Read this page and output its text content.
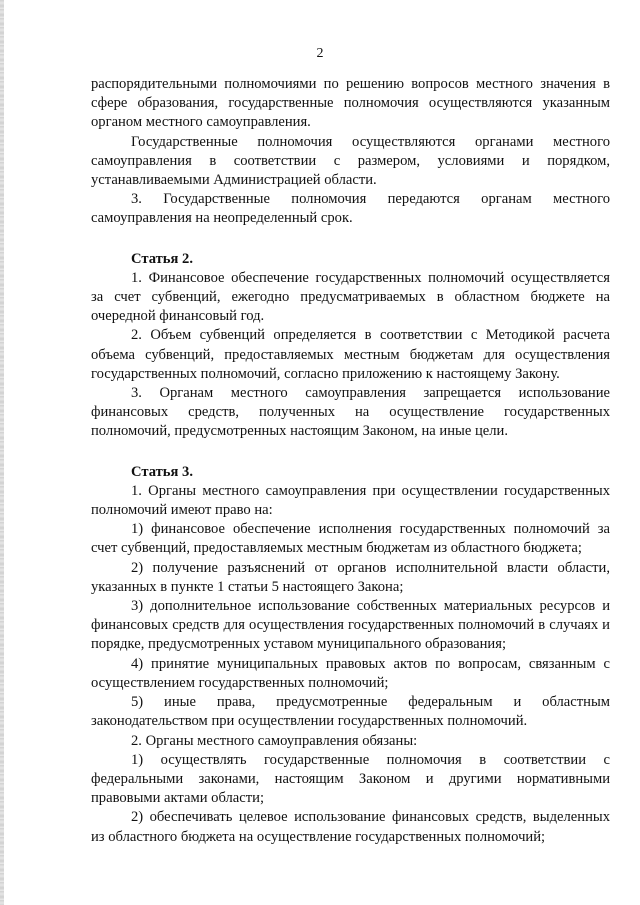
2

распорядительными полномочиями по решению вопросов местного значения в сфере образования, государственные полномочия осуществляются указанным органом местного самоуправления.

Государственные полномочия осуществляются органами местного самоуправления в соответствии с размером, условиями и порядком, устанавливаемыми Администрацией области.

3. Государственные полномочия передаются органам местного самоуправления на неопределенный срок.

Статья 2.

1. Финансовое обеспечение государственных полномочий осуществляется за счет субвенций, ежегодно предусматриваемых в областном бюджете на очередной финансовый год.

2. Объем субвенций определяется в соответствии с Методикой расчета объема субвенций, предоставляемых местным бюджетам для осуществления государственных полномочий, согласно приложению к настоящему Закону.

3. Органам местного самоуправления запрещается использование финансовых средств, полученных на осуществление государственных полномочий, предусмотренных настоящим Законом, на иные цели.

Статья 3.

1. Органы местного самоуправления при осуществлении государственных полномочий имеют право на:

1) финансовое обеспечение исполнения государственных полномочий за счет субвенций, предоставляемых местным бюджетам из областного бюджета;

2) получение разъяснений от органов исполнительной власти области, указанных в пункте 1 статьи 5 настоящего Закона;

3) дополнительное использование собственных материальных ресурсов и финансовых средств для осуществления государственных полномочий в случаях и порядке, предусмотренных уставом муниципального образования;

4) принятие муниципальных правовых актов по вопросам, связанным с осуществлением государственных полномочий;

5) иные права, предусмотренные федеральным и областным законодательством при осуществлении государственных полномочий.

2. Органы местного самоуправления обязаны:

1) осуществлять государственные полномочия в соответствии с федеральными законами, настоящим Законом и другими нормативными правовыми актами области;

2) обеспечивать целевое использование финансовых средств, выделенных из областного бюджета на осуществление государственных полномочий;
